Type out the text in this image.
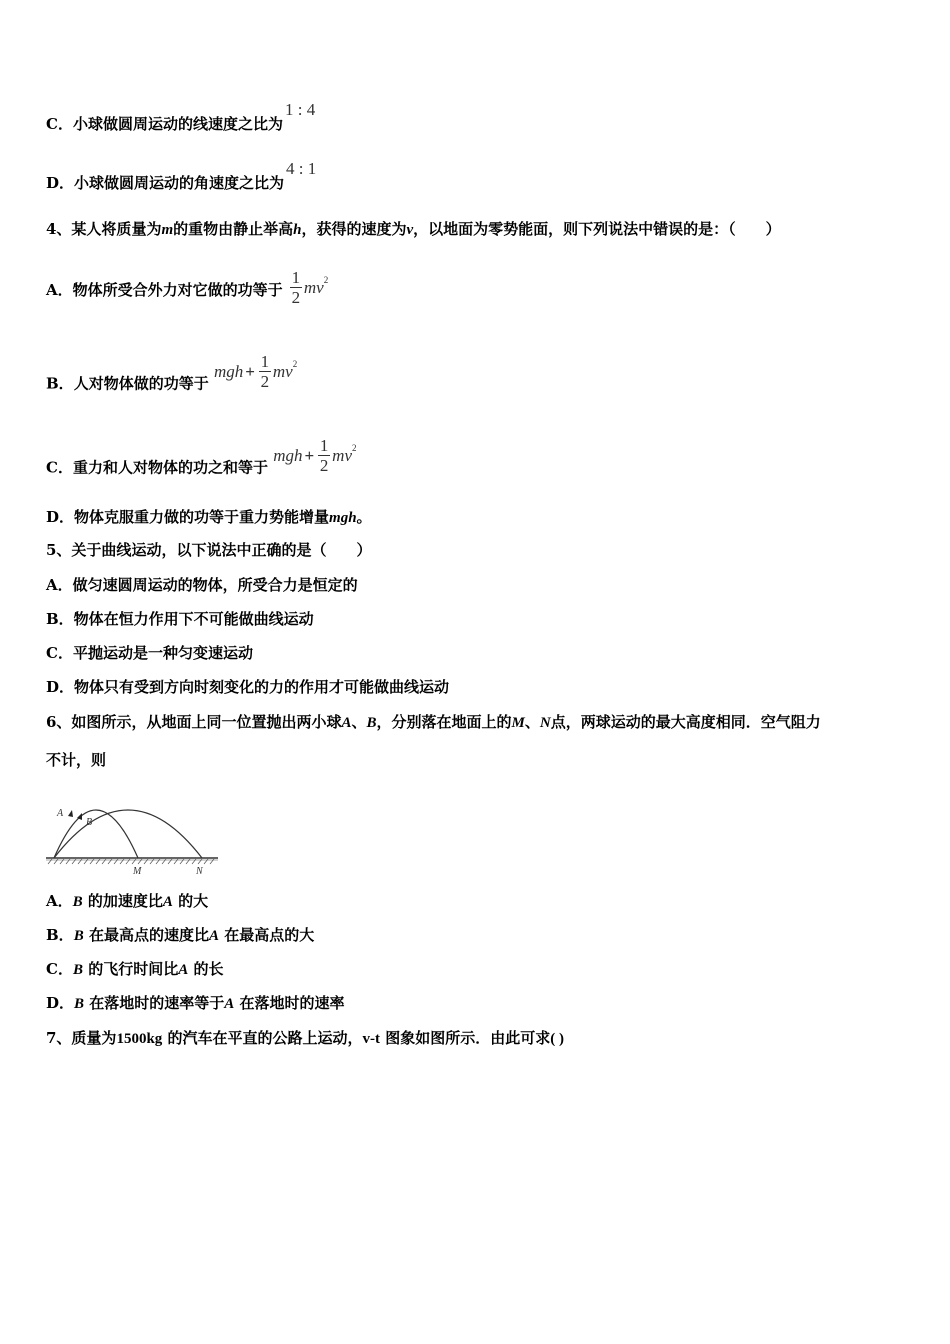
C．小球做圆周运动的线速度之比为1 : 4
D．小球做圆周运动的角速度之比为4 : 1
4、某人将质量为m的重物由静止举高h，获得的速度为v，以地面为零势能面，则下列说法中错误的是：（　　）
A．物体所受合外力对它做的功等于 $\frac{1}{2}$ mv 2
B．人对物体做的功等于
mgh + $\frac{1}{2}$ mv 2
C．重力和人对物体的功之和等于
mgh + $\frac{1}{2}$ mv 2
D．物体克服重力做的功等于重力势能增量mgh。
5、关于曲线运动，以下说法中正确的是（　　）
A．做匀速圆周运动的物体，所受合力是恒定的
B．物体在恒力作用下不可能做曲线运动
C．平抛运动是一种匀变速运动
D．物体只有受到方向时刻变化的力的作用才可能做曲线运动
6、如图所示，从地面上同一位置抛出两小球A、B，分别落在地面上的M、N点，两球运动的最大高度相同．空气阻力
不计，则
A
B
M	N
A．B 的加速度比A 的大
B．B 在最高点的速度比A 在最高点的大
C．B 的飞行时间比A 的长
D．B 在落地时的速率等于A 在落地时的速率
7、质量为1500kg 的汽车在平直的公路上运动，v-t 图象如图所示．由此可求( )
